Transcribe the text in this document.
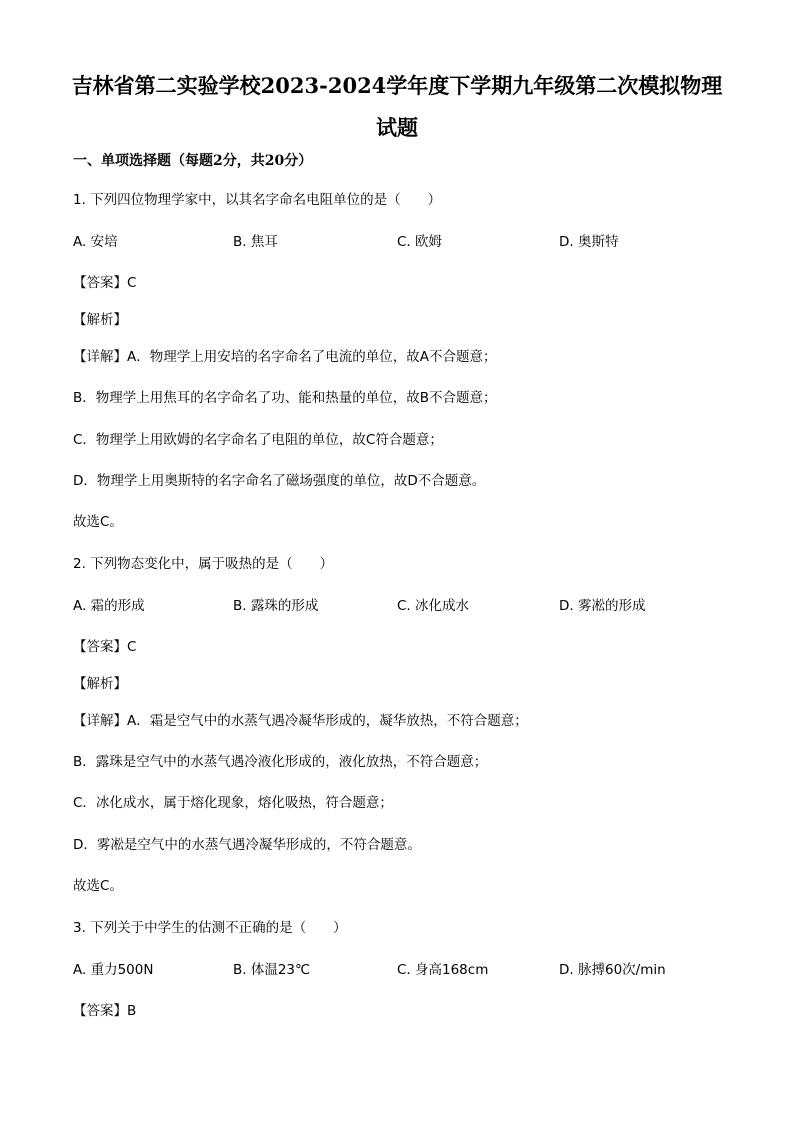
吉林省第二实验学校2023-2024学年度下学期九年级第二次模拟物理
试题
一、单项选择题（每题2分，共20分）
1. 下列四位物理学家中，以其名字命名电阻单位的是（　　）
A. 安培	B. 焦耳	C. 欧姆	D. 奥斯特
【答案】C
【解析】
【详解】A．物理学上用安培的名字命名了电流的单位，故A不合题意；
B．物理学上用焦耳的名字命名了功、能和热量的单位，故B不合题意；
C．物理学上用欧姆的名字命名了电阻的单位，故C符合题意；
D．物理学上用奥斯特的名字命名了磁场强度的单位，故D不合题意。
故选C。
2. 下列物态变化中，属于吸热的是（　　）
A. 霜的形成	B. 露珠的形成	C. 冰化成水	D. 雾凇的形成
【答案】C
【解析】
【详解】A．霜是空气中的水蒸气遇冷凝华形成的，凝华放热，不符合题意；
B．露珠是空气中的水蒸气遇冷液化形成的，液化放热，不符合题意；
C．冰化成水，属于熔化现象，熔化吸热，符合题意；
D．雾凇是空气中的水蒸气遇冷凝华形成的，不符合题意。
故选C。
3. 下列关于中学生的估测不正确的是（　　）
A. 重力500N	B. 体温23℃	C. 身高168cm	D. 脉搏60次/min
【答案】B
